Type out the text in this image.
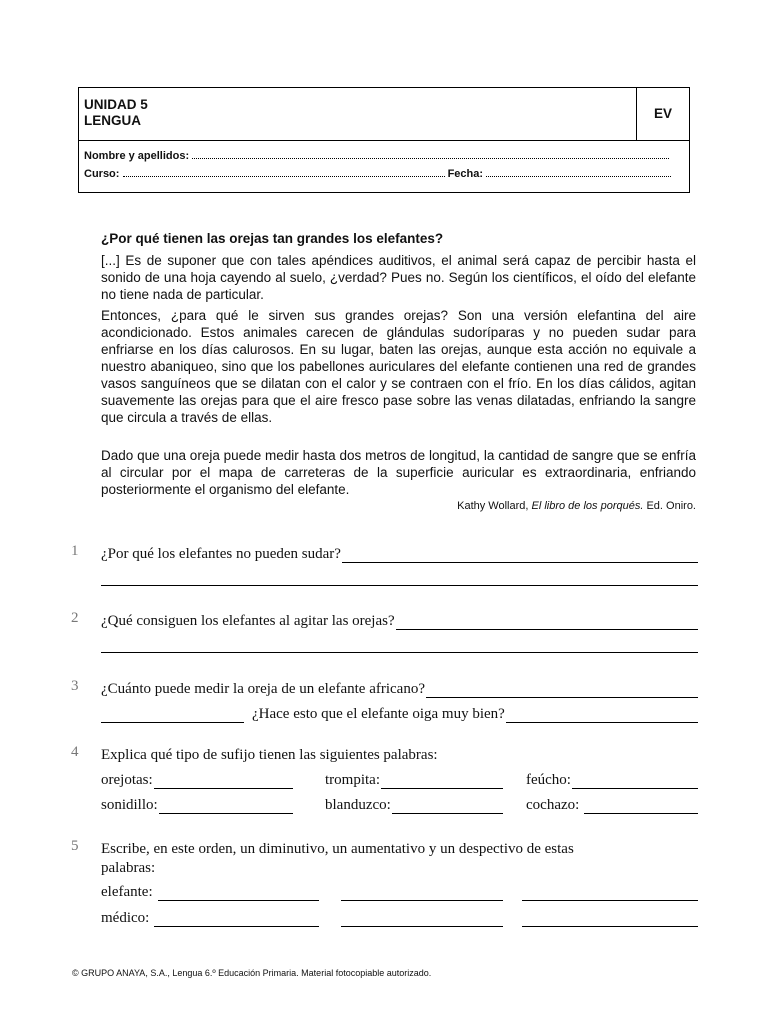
UNIDAD 5
LENGUA	EV
Nombre y apellidos:
Curso:	Fecha:
¿Por qué tienen las orejas tan grandes los elefantes?

[...] Es de suponer que con tales apéndices auditivos, el animal será capaz de percibir hasta el sonido de una hoja cayendo al suelo, ¿verdad? Pues no. Según los científicos, el oído del elefante no tiene nada de particular.

Entonces, ¿para qué le sirven sus grandes orejas? Son una versión elefantina del aire acondicionado. Estos animales carecen de glándulas sudoríparas y no pueden sudar para enfriarse en los días calurosos. En su lugar, baten las orejas, aunque esta acción no equivale a nuestro abaniqueo, sino que los pabellones auriculares del elefante contienen una red de grandes vasos sanguíneos que se dilatan con el calor y se contraen con el frío. En los días cálidos, agitan suavemente las orejas para que el aire fresco pase sobre las venas dilatadas, enfriando la sangre que circula a través de ellas.

Dado que una oreja puede medir hasta dos metros de longitud, la cantidad de sangre que se enfría al circular por el mapa de carreteras de la superficie auricular es extraordinaria, enfriando posteriormente el organismo del elefante.

Kathy Wollard, El libro de los porqués. Ed. Oniro.
1 ¿Por qué los elefantes no pueden sudar?
2 ¿Qué consiguen los elefantes al agitar las orejas?
3 ¿Cuánto puede medir la oreja de un elefante africano?
¿Hace esto que el elefante oiga muy bien?
4 Explica qué tipo de sufijo tienen las siguientes palabras:
orejotas:	trompita:	feúcho:
sonidillo:	blanduzco:	cochazo:
5 Escribe, en este orden, un diminutivo, un aumentativo y un despectivo de estas
palabras:
elefante:
médico:
© GRUPO ANAYA, S.A., Lengua 6.º Educación Primaria. Material fotocopiable autorizado.
